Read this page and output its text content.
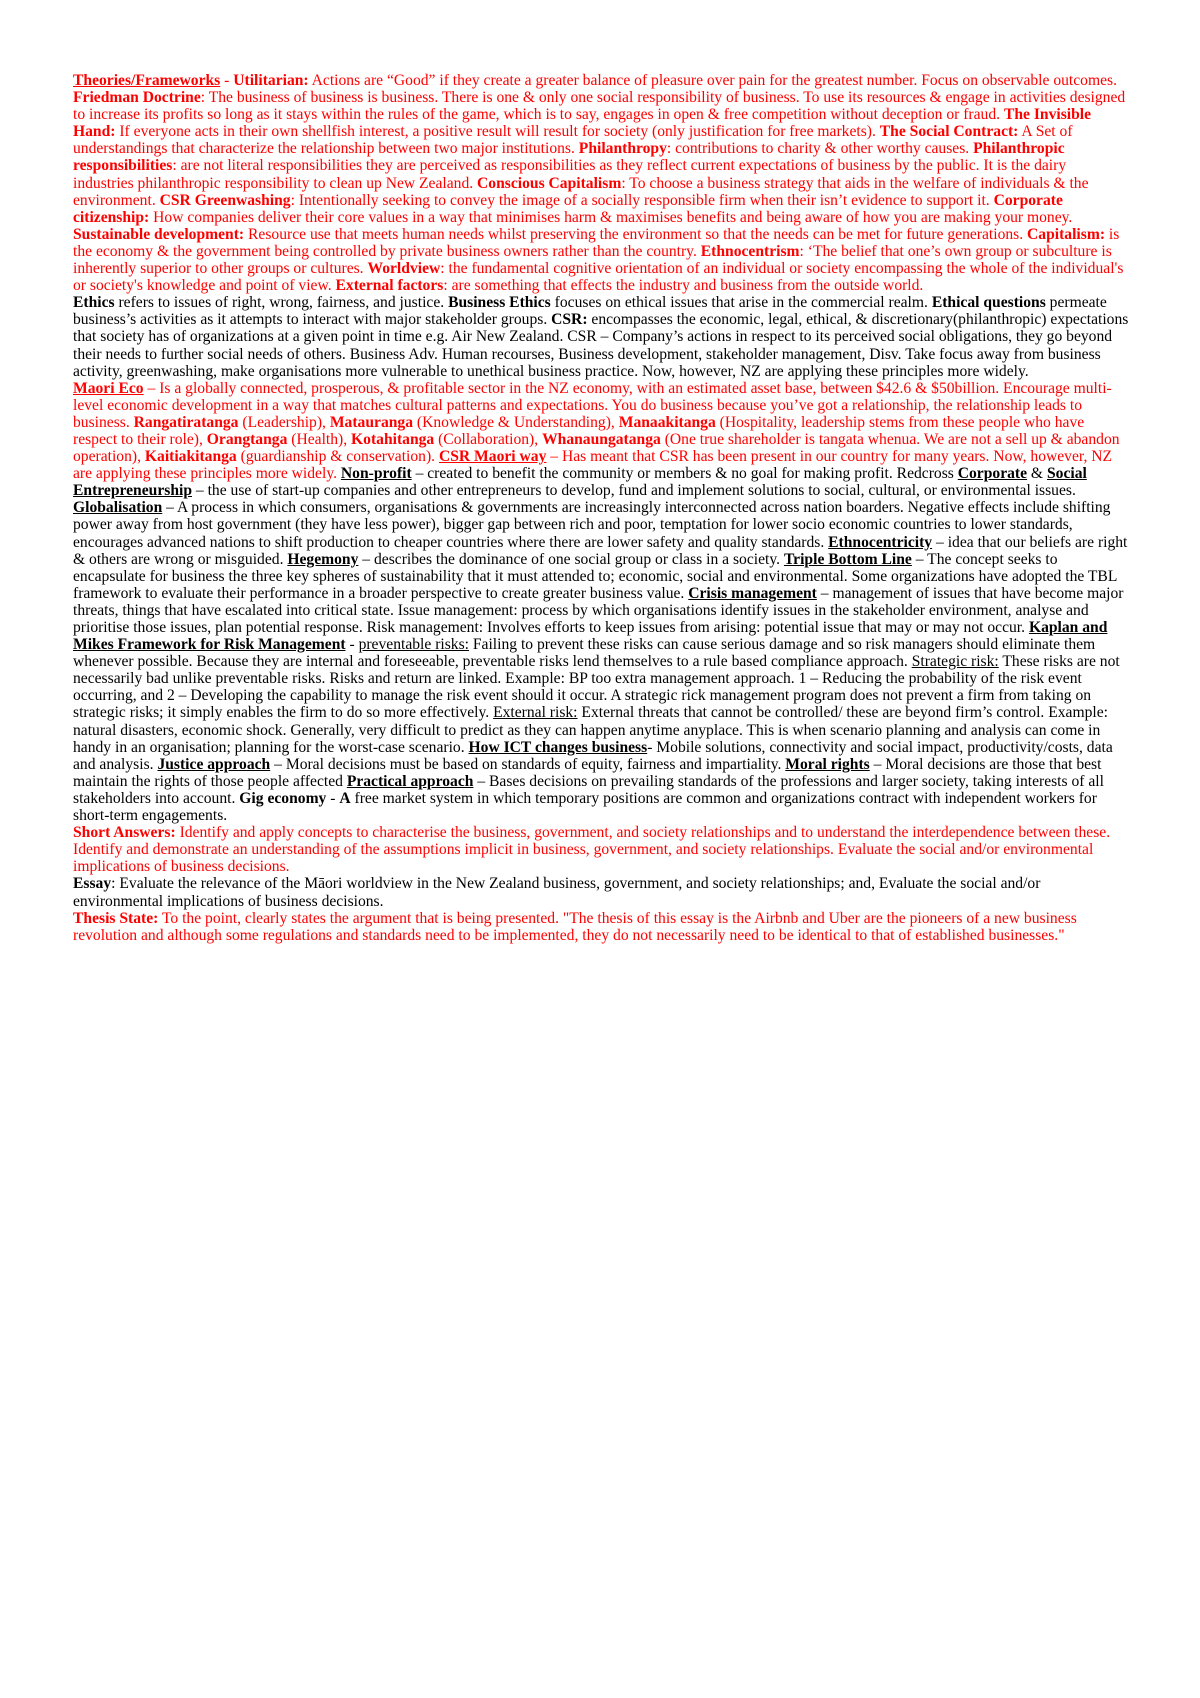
Theories/Frameworks - Utilitarian: Actions are “Good” if they create a greater balance of pleasure over pain for the greatest number. Focus on observable outcomes. Friedman Doctrine: The business of business is business. There is one & only one social responsibility of business. To use its resources & engage in activities designed to increase its profits so long as it stays within the rules of the game, which is to say, engages in open & free competition without deception or fraud. The Invisible Hand: If everyone acts in their own shellfish interest, a positive result will result for society (only justification for free markets). The Social Contract: A Set of understandings that characterize the relationship between two major institutions. Philanthropy: contributions to charity & other worthy causes. Philanthropic responsibilities: are not literal responsibilities they are perceived as responsibilities as they reflect current expectations of business by the public. It is the dairy industries philanthropic responsibility to clean up New Zealand. Conscious Capitalism: To choose a business strategy that aids in the welfare of individuals & the environment. CSR Greenwashing: Intentionally seeking to convey the image of a socially responsible firm when their isn’t evidence to support it. Corporate citizenship: How companies deliver their core values in a way that minimises harm & maximises benefits and being aware of how you are making your money. Sustainable development: Resource use that meets human needs whilst preserving the environment so that the needs can be met for future generations. Capitalism: is the economy & the government being controlled by private business owners rather than the country. Ethnocentrism: ‘The belief that one’s own group or subculture is inherently superior to other groups or cultures. Worldview: the fundamental cognitive orientation of an individual or society encompassing the whole of the individual's or society's knowledge and point of view. External factors: are something that effects the industry and business from the outside world.

Ethics refers to issues of right, wrong, fairness, and justice. Business Ethics focuses on ethical issues that arise in the commercial realm. Ethical questions permeate business’s activities as it attempts to interact with major stakeholder groups. CSR: encompasses the economic, legal, ethical, & discretionary(philanthropic) expectations that society has of organizations at a given point in time e.g. Air New Zealand. CSR – Company’s actions in respect to its perceived social obligations, they go beyond their needs to further social needs of others. Business Adv. Human recourses, Business development, stakeholder management, Disv. Take focus away from business activity, greenwashing, make organisations more vulnerable to unethical business practice. Now, however, NZ are applying these principles more widely.

Maori Eco – Is a globally connected, prosperous, & profitable sector in the NZ economy, with an estimated asset base, between $42.6 & $50billion. Encourage multi-level economic development in a way that matches cultural patterns and expectations. You do business because you’ve got a relationship, the relationship leads to business. Rangatiratanga (Leadership), Matauranga (Knowledge & Understanding), Manaakitanga (Hospitality, leadership stems from these people who have respect to their role), Orangtanga (Health), Kotahitanga (Collaboration), Whanaungatanga (One true shareholder is tangata whenua. We are not a sell up & abandon operation), Kaitiakitanga (guardianship & conservation). CSR Maori way – Has meant that CSR has been present in our country for many years. Now, however, NZ are applying these principles more widely. Non-profit – created to benefit the community or members & no goal for making profit. Redcross Corporate & Social Entrepreneurship – the use of start-up companies and other entrepreneurs to develop, fund and implement solutions to social, cultural, or environmental issues. Globalisation – A process in which consumers, organisations & governments are increasingly interconnected across nation boarders. Negative effects include shifting power away from host government (they have less power), bigger gap between rich and poor, temptation for lower socio economic countries to lower standards, encourages advanced nations to shift production to cheaper countries where there are lower safety and quality standards. Ethnocentricity – idea that our beliefs are right & others are wrong or misguided. Hegemony – describes the dominance of one social group or class in a society. Triple Bottom Line – The concept seeks to encapsulate for business the three key spheres of sustainability that it must attended to; economic, social and environmental. Some organizations have adopted the TBL framework to evaluate their performance in a broader perspective to create greater business value. Crisis management – management of issues that have become major threats, things that have escalated into critical state. Issue management: process by which organisations identify issues in the stakeholder environment, analyse and prioritise those issues, plan potential response. Risk management: Involves efforts to keep issues from arising: potential issue that may or may not occur. Kaplan and Mikes Framework for Risk Management - preventable risks: Failing to prevent these risks can cause serious damage and so risk managers should eliminate them whenever possible. Because they are internal and foreseeable, preventable risks lend themselves to a rule based compliance approach. Strategic risk: These risks are not necessarily bad unlike preventable risks. Risks and return are linked. Example: BP too extra management approach. 1 – Reducing the probability of the risk event occurring, and 2 – Developing the capability to manage the risk event should it occur. A strategic rick management program does not prevent a firm from taking on strategic risks; it simply enables the firm to do so more effectively. External risk: External threats that cannot be controlled/ these are beyond firm’s control. Example: natural disasters, economic shock. Generally, very difficult to predict as they can happen anytime anyplace. This is when scenario planning and analysis can come in handy in an organisation; planning for the worst-case scenario. How ICT changes business- Mobile solutions, connectivity and social impact, productivity/costs, data and analysis. Justice approach – Moral decisions must be based on standards of equity, fairness and impartiality. Moral rights – Moral decisions are those that best maintain the rights of those people affected Practical approach – Bases decisions on prevailing standards of the professions and larger society, taking interests of all stakeholders into account. Gig economy - A free market system in which temporary positions are common and organizations contract with independent workers for short-term engagements.

Short Answers: Identify and apply concepts to characterise the business, government, and society relationships and to understand the interdependence between these. Identify and demonstrate an understanding of the assumptions implicit in business, government, and society relationships. Evaluate the social and/or environmental implications of business decisions.

Essay: Evaluate the relevance of the Māori worldview in the New Zealand business, government, and society relationships; and, Evaluate the social and/or environmental implications of business decisions.

Thesis State: To the point, clearly states the argument that is being presented. "The thesis of this essay is the Airbnb and Uber are the pioneers of a new business revolution and although some regulations and standards need to be implemented, they do not necessarily need to be identical to that of established businesses."
